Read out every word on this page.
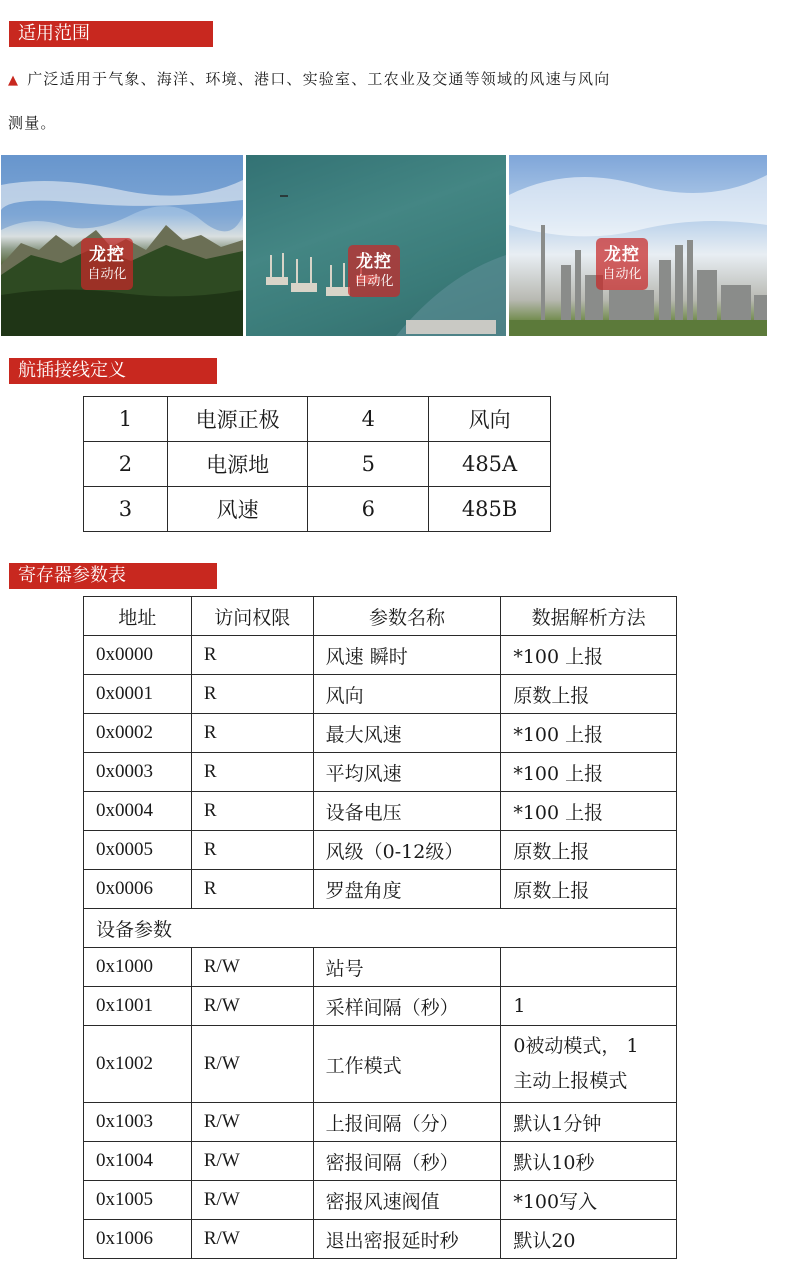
适用范围
▲ 广泛适用于气象、海洋、环境、港口、实验室、工农业及交通等领域的风速与风向
测量。
龙控
自动化
龙控
自动化
龙控
自动化
航插接线定义
1	电源正极	4	风向
2	电源地	5	485A
3	风速	6	485B
寄存器参数表
地址	访问权限	参数名称	数据解析方法
0x0000	R	风速 瞬时	*100 上报
0x0001	R	风向	原数上报
0x0002	R	最大风速	*100 上报
0x0003	R	平均风速	*100 上报
0x0004	R	设备电压	*100 上报
0x0005	R	风级（0-12级）	原数上报
0x0006	R	罗盘角度	原数上报
设备参数			
0x1000	R/W	站号	
0x1001	R/W	采样间隔（秒）	1
0x1002	R/W	工作模式	0被动模式， 1
主动上报模式

0x1003	R/W	上报间隔（分）	默认1分钟
0x1004	R/W	密报间隔（秒）	默认10秒
0x1005	R/W	密报风速阀值	*100写入
0x1006	R/W	退出密报延时秒	默认20
